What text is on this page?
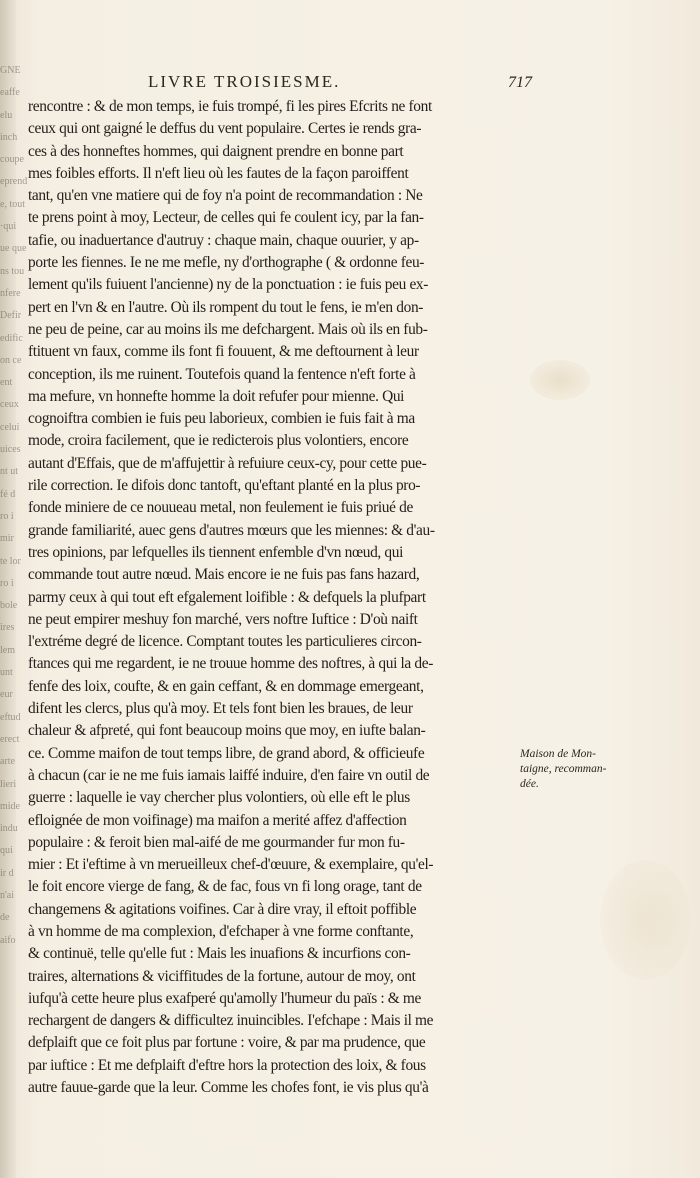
GNE
eaffe
elu
inch
coupe
eprend
e, tout
·qui
ue que
ns tou
nfere
Defir
edific
on ce
ent
ceux
celui
uices
nt ut
fé d
ro i
mir
te lor
ro i
bole
ires
lem
unt
eur
eftud
erect
arte
lieri
mide
indu
qui
ir d
n'ai
de
aifo
LIVRE TROISIESME.	717
rencontre : & de mon temps, ie fuis trompé, fi les pires Efcrits ne font
ceux qui ont gaigné le deffus du vent populaire. Certes ie rends gra-
ces à des honneftes hommes, qui daignent prendre en bonne part
mes foibles efforts. Il n'eft lieu où les fautes de la façon paroiffent
tant, qu'en vne matiere qui de foy n'a point de recommandation : Ne
te prens point à moy, Lecteur, de celles qui fe coulent icy, par la fan-
tafie, ou inaduertance d'autruy : chaque main, chaque ouurier, y ap-
porte les fiennes. Ie ne me mefle, ny d'orthographe ( & ordonne feu-
lement qu'ils fuiuent l'ancienne) ny de la ponctuation : ie fuis peu ex-
pert en l'vn & en l'autre. Où ils rompent du tout le fens, ie m'en don-
ne peu de peine, car au moins ils me defchargent. Mais où ils en fub-
ftituent vn faux, comme ils font fi fouuent, & me deftournent à leur
conception, ils me ruinent. Toutefois quand la fentence n'eft forte à
ma mefure, vn honnefte homme la doit refufer pour mienne. Qui
cognoiftra combien ie fuis peu laborieux, combien ie fuis fait à ma
mode, croira facilement, que ie redicterois plus volontiers, encore
autant d'Effais, que de m'affujettir à refuiure ceux-cy, pour cette pue-
rile correction. Ie difois donc tantoft, qu'eftant planté en la plus pro-
fonde miniere de ce nouueau metal, non feulement ie fuis priué de
grande familiarité, auec gens d'autres mœurs que les miennes: & d'au-
tres opinions, par lefquelles ils tiennent enfemble d'vn nœud, qui
commande tout autre nœud. Mais encore ie ne fuis pas fans hazard,
parmy ceux à qui tout eft efgalement loifible : & defquels la plufpart
ne peut empirer meshuy fon marché, vers noftre Iuftice : D'où naift
l'extréme degré de licence. Comptant toutes les particulieres circon-
ftances qui me regardent, ie ne trouue homme des noftres, à qui la de-
fenfe des loix, coufte, & en gain ceffant, & en dommage emergeant,
difent les clercs, plus qu'à moy. Et tels font bien les braues, de leur
chaleur & afpreté, qui font beaucoup moins que moy, en iufte balan-
ce. Comme maifon de tout temps libre, de grand abord, & officieufe
à chacun (car ie ne me fuis iamais laiffé induire, d'en faire vn outil de
guerre : laquelle ie vay chercher plus volontiers, où elle eft le plus
efloignée de mon voifinage) ma maifon a merité affez d'affection
populaire : & feroit bien mal-aifé de me gourmander fur mon fu-
mier : Et i'eftime à vn merueilleux chef-d'œuure, & exemplaire, qu'el-
le foit encore vierge de fang, & de fac, fous vn fi long orage, tant de
changemens & agitations voifines. Car à dire vray, il eftoit poffible
à vn homme de ma complexion, d'efchaper à vne forme conftante,
& continuë, telle qu'elle fut : Mais les inuafions & incurfions con-
traires, alternations & viciffitudes de la fortune, autour de moy, ont
iufqu'à cette heure plus exafperé qu'amolly l'humeur du païs : & me
rechargent de dangers & difficultez inuincibles. I'efchape : Mais il me
defplaift que ce foit plus par fortune : voire, & par ma prudence, que
par iuftice : Et me defplaift d'eftre hors la protection des loix, & fous
autre fauue-garde que la leur. Comme les chofes font, ie vis plus qu'à
Maison de Mon-
taigne, recomman-
dée.
